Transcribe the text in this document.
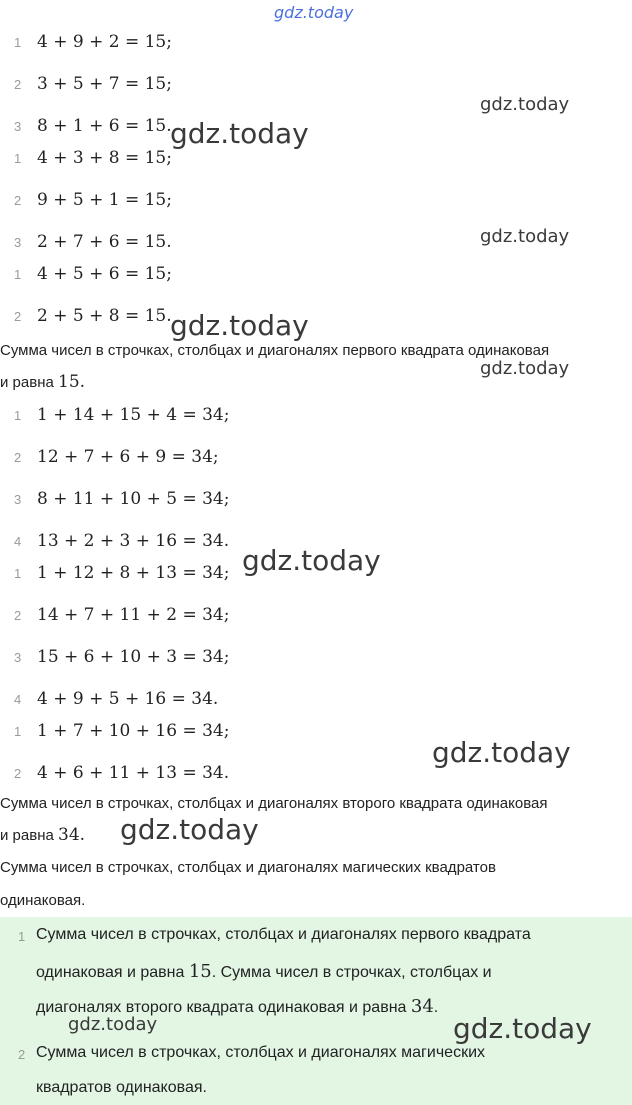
gdz.today
1 4 + 9 + 2 = 15;
2 3 + 5 + 7 = 15;
3 8 + 1 + 6 = 15.
1 4 + 3 + 8 = 15;
2 9 + 5 + 1 = 15;
3 2 + 7 + 6 = 15.
1 4 + 5 + 6 = 15;
2 2 + 5 + 8 = 15.
Сумма чисел в строчках, столбцах и диагоналях первого квадрата одинаковая
и равна 15.
1 1 + 14 + 15 + 4 = 34;
2 12 + 7 + 6 + 9 = 34;
3 8 + 11 + 10 + 5 = 34;
4 13 + 2 + 3 + 16 = 34.
1 1 + 12 + 8 + 13 = 34;
2 14 + 7 + 11 + 2 = 34;
3 15 + 6 + 10 + 3 = 34;
4 4 + 9 + 5 + 16 = 34.
1 1 + 7 + 10 + 16 = 34;
2 4 + 6 + 11 + 13 = 34.
Сумма чисел в строчках, столбцах и диагоналях второго квадрата одинаковая
и равна 34.
Сумма чисел в строчках, столбцах и диагоналях магических квадратов
одинаковая.
1 Сумма чисел в строчках, столбцах и диагоналях первого квадрата
одинаковая и равна 15. Сумма чисел в строчках, столбцах и
диагоналях второго квадрата одинаковая и равна 34.
2 Сумма чисел в строчках, столбцах и диагоналях магических
квадратов одинаковая.
gdz.today
gdz.today
gdz.today
gdz.today
gdz.today
gdz.today
gdz.today
gdz.today
gdz.today	gdz.today
